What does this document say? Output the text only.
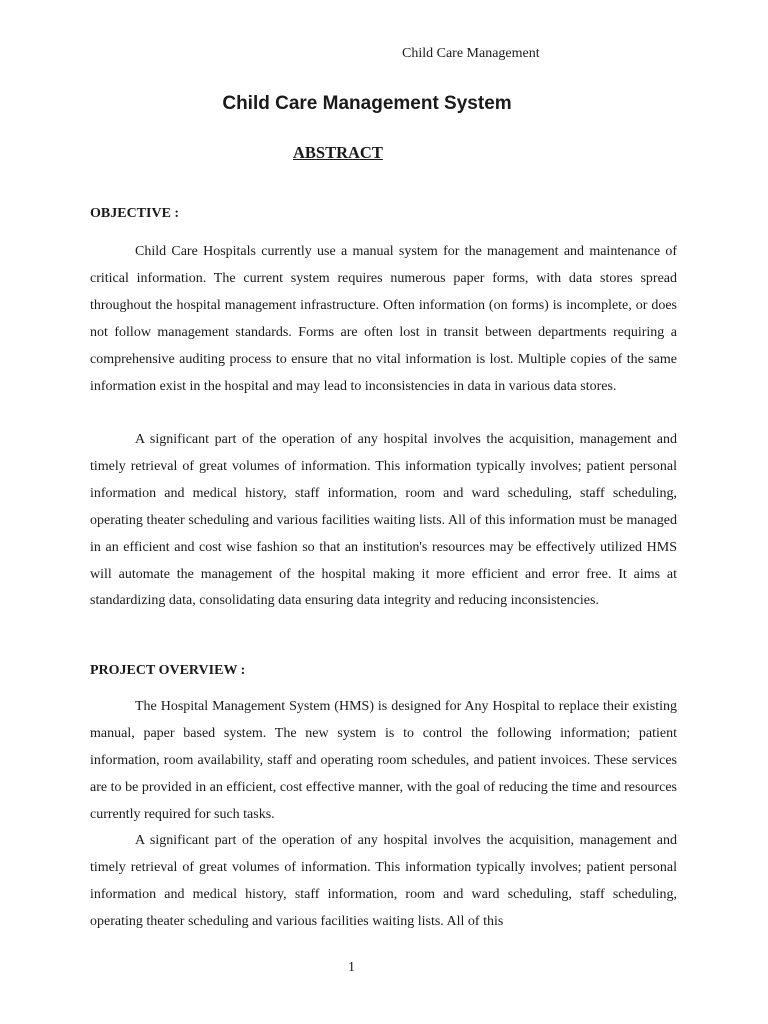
Child Care Management
Child Care Management System
ABSTRACT
OBJECTIVE :

Child Care Hospitals currently use a manual system for the management and maintenance of critical information. The current system requires numerous paper forms, with data stores spread throughout the hospital management infrastructure. Often information (on forms) is incomplete, or does not follow management standards. Forms are often lost in transit between departments requiring a comprehensive auditing process to ensure that no vital information is lost. Multiple copies of the same information exist in the hospital and may lead to inconsistencies in data in various data stores.

A significant part of the operation of any hospital involves the acquisition, management and timely retrieval of great volumes of information. This information typically involves; patient personal information and medical history, staff information, room and ward scheduling, staff scheduling, operating theater scheduling and various facilities waiting lists. All of this information must be managed in an efficient and cost wise fashion so that an institution's resources may be effectively utilized HMS will automate the management of the hospital making it more efficient and error free. It aims at standardizing data, consolidating data ensuring data integrity and reducing inconsistencies.

PROJECT OVERVIEW :

The Hospital Management System (HMS) is designed for Any Hospital to replace their existing manual, paper based system. The new system is to control the following information; patient information, room availability, staff and operating room schedules, and patient invoices. These services are to be provided in an efficient, cost effective manner, with the goal of reducing the time and resources currently required for such tasks.

A significant part of the operation of any hospital involves the acquisition, management and timely retrieval of great volumes of information. This information typically involves; patient personal information and medical history, staff information, room and ward scheduling, staff scheduling, operating theater scheduling and various facilities waiting lists. All of this

1
